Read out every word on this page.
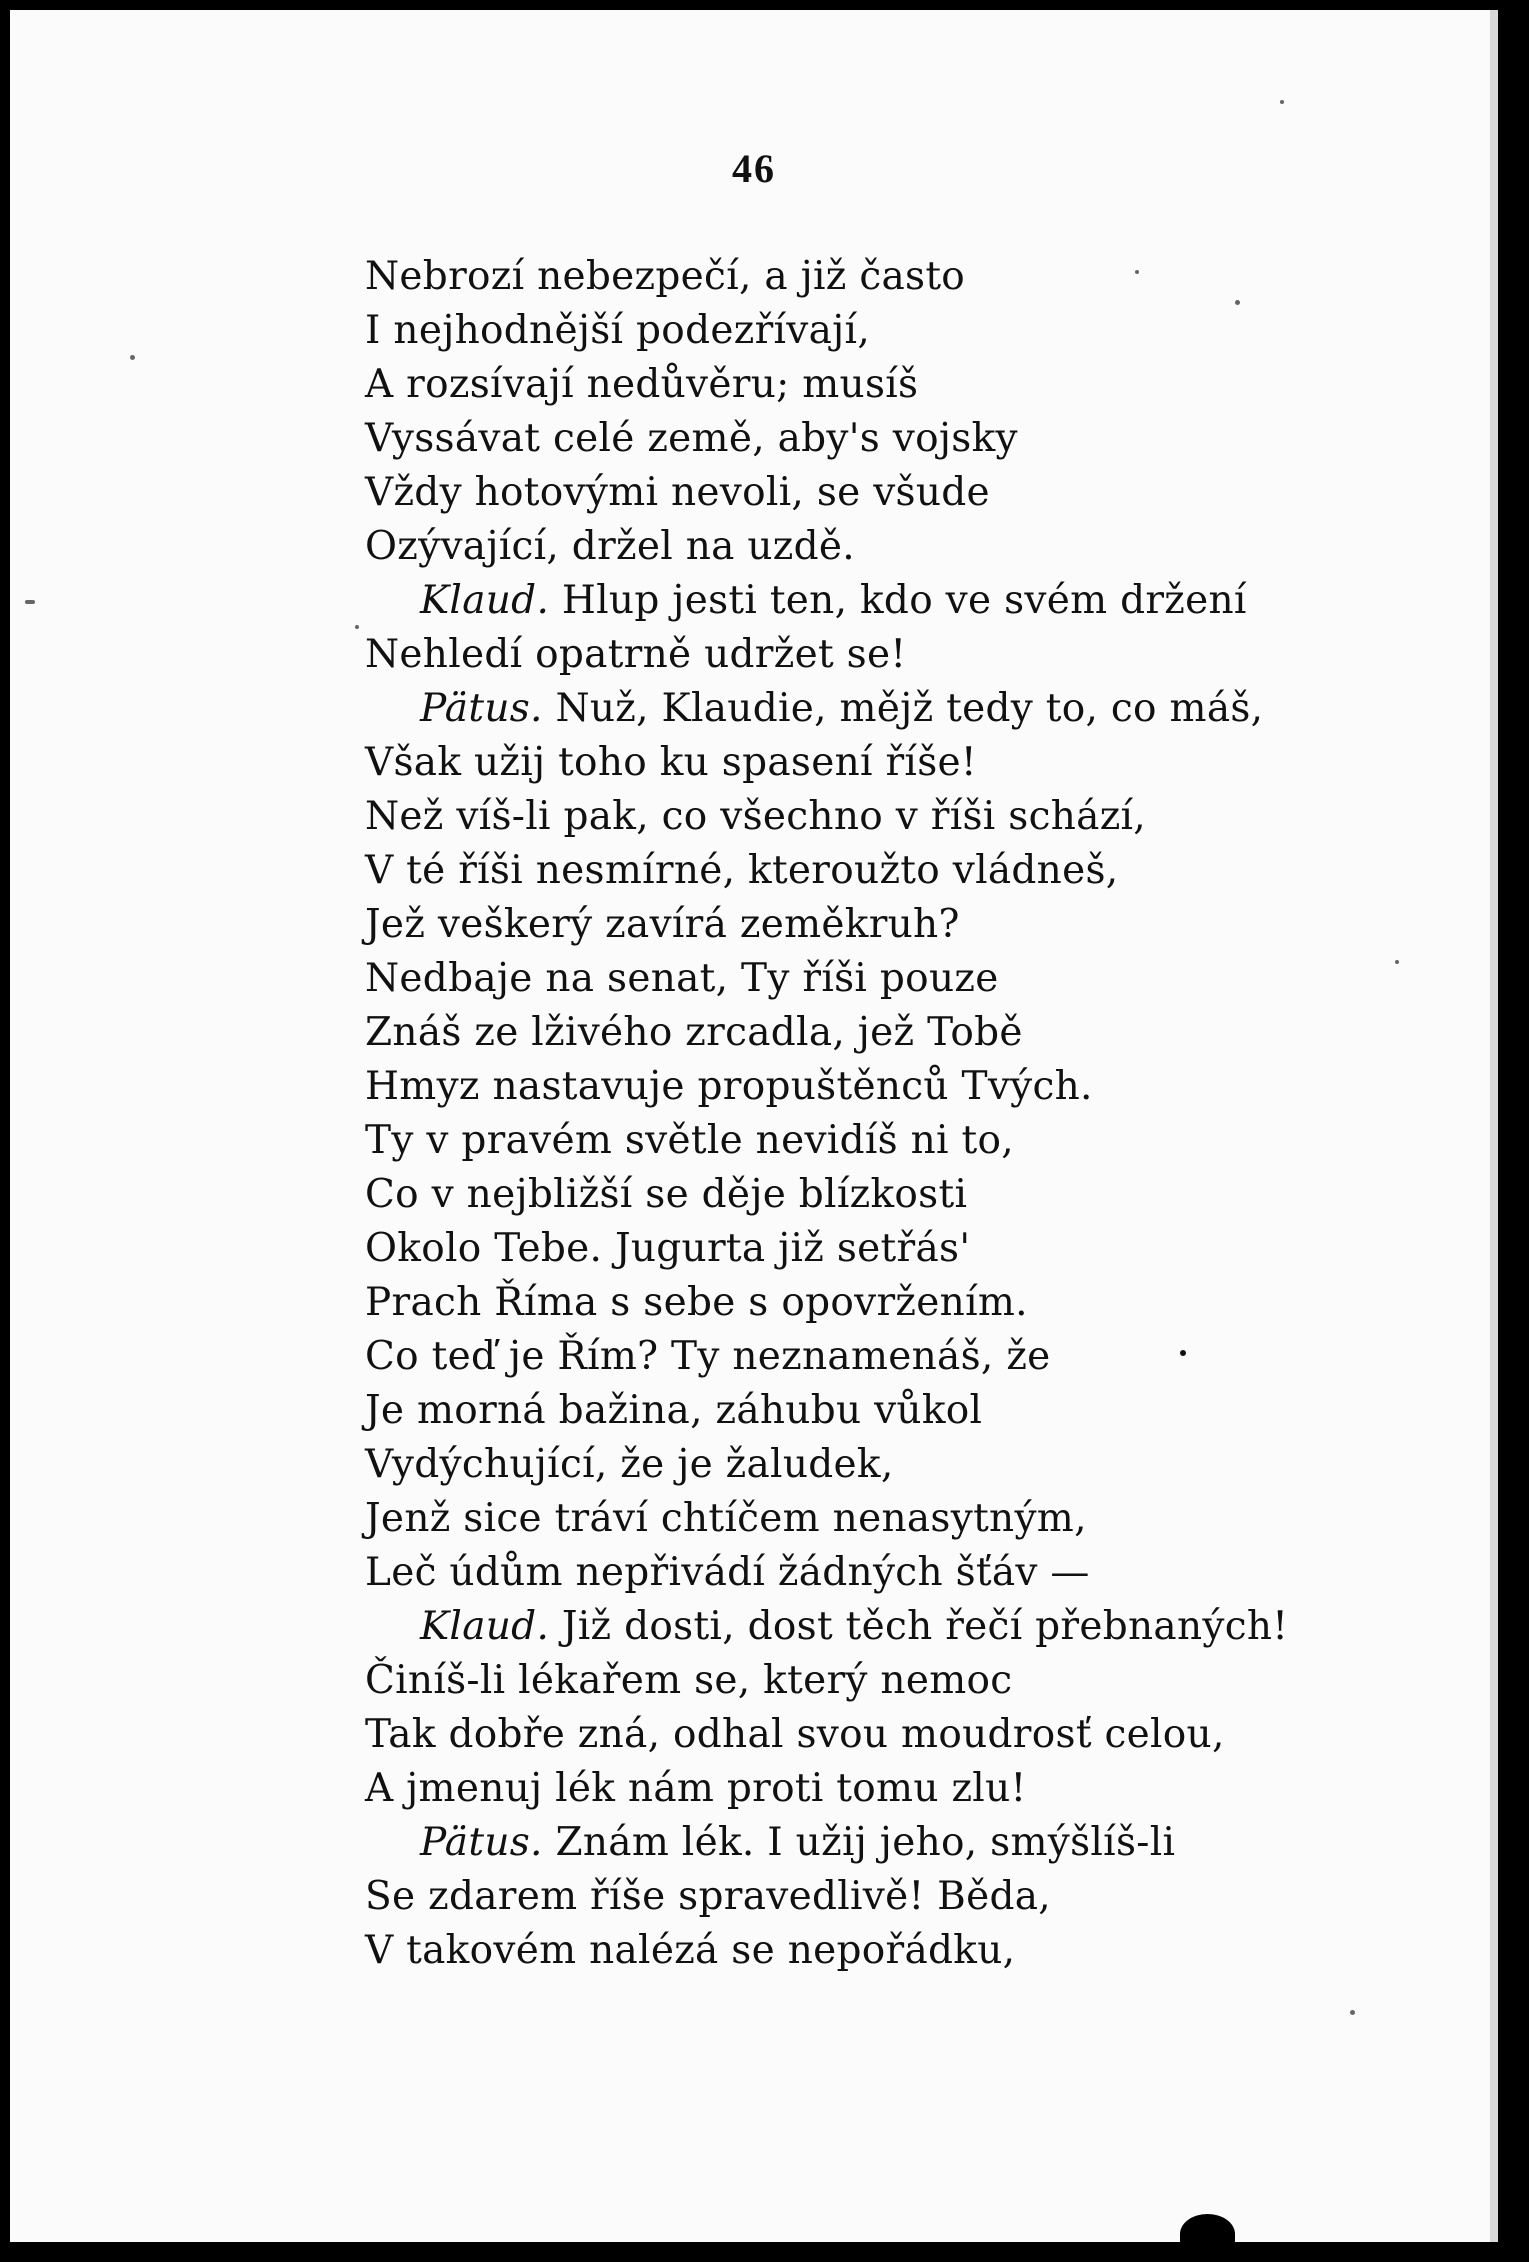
46
Nebrozí nebezpečí, a již často
I nejhodnější podezřívají,
A rozsívají nedůvěru; musíš
Vyssávat celé země, aby's vojsky
Vždy hotovými nevoli, se všude
Ozývající, držel na uzdě.
Klaud. Hlup jesti ten, kdo ve svém držení
Nehledí opatrně udržet se!
Pätus. Nuž, Klaudie, mějž tedy to, co máš,
Však užij toho ku spasení říše!
Než víš-li pak, co všechno v říši schází,
V té říši nesmírné, kteroužto vládneš,
Jež veškerý zavírá zeměkruh?
Nedbaje na senat, Ty říši pouze
Znáš ze lživého zrcadla, jež Tobě
Hmyz nastavuje propuštěnců Tvých.
Ty v pravém světle nevidíš ni to,
Co v nejbližší se děje blízkosti
Okolo Tebe. Jugurta již setřás'
Prach Říma s sebe s opovržením.
Co teď je Řím? Ty neznamenáš, že
Je morná bažina, záhubu vůkol
Vydýchující, že je žaludek,
Jenž sice tráví chtíčem nenasytným,
Leč údům nepřivádí žádných šťáv —
Klaud. Již dosti, dost těch řečí přebnaných!
Činíš-li lékařem se, který nemoc
Tak dobře zná, odhal svou moudrosť celou,
A jmenuj lék nám proti tomu zlu!
Pätus. Znám lék. I užij jeho, smýšlíš-li
Se zdarem říše spravedlivě! Běda,
V takovém nalézá se nepořádku,
